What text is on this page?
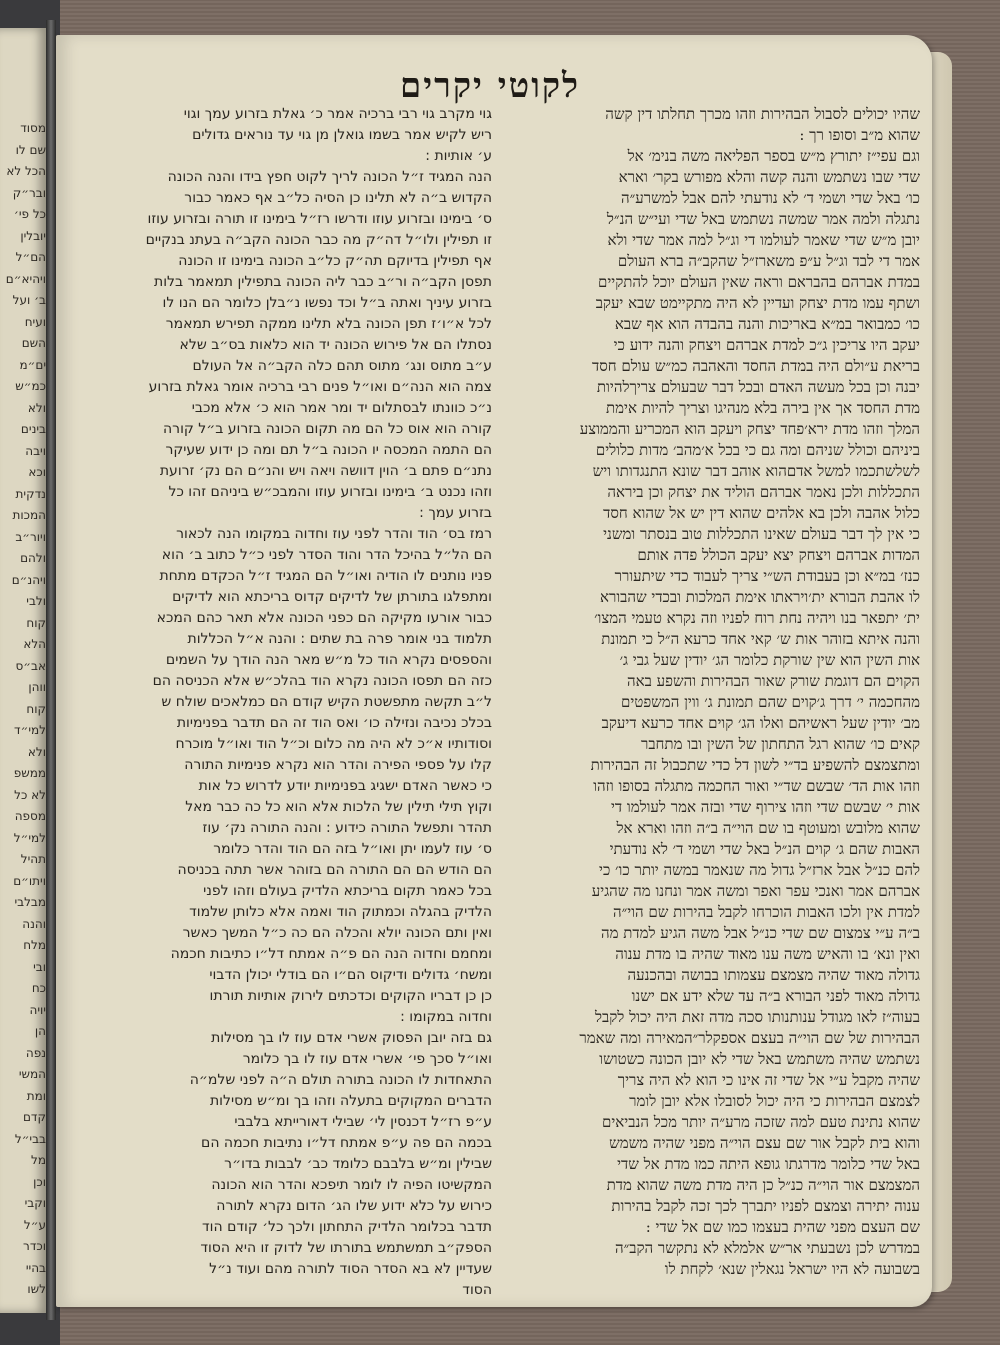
מסוד
שם לו
הכל לא
ובר״ק
כל פי׳
יובלין
הם״ל
ויהיא״ם
ב׳ ועל
ועיח
השם
ים״מ
כמ״ש
ולא
בינים
ויבה
וכא
נדקית
המכות
ויור״ב
ולהם
ויהנ״ם
ולבי
קוח
הלא
אב״ס
ווהן
קוח
למי״ד
ולא
ממשפ
לא כל
מספה
למי״ל
תהיל
ויתו״ם
מבלבי
והנה
מלח
ובי
כח
יויה
הן
נפה
המשי
ומת
קדם
בבי״ל
מל
וכן
וקבי
ע״ל
וכדר
בהיי
לשו
לקוטי יקרים
שהיו יכולים לסבול הבהירות וזהו מכרך תחלתו דין קשה
שהוא מ״ב וסופו רך :
וגם עפי״ז יתורץ מ״ש בספר הפליאה משה בנימ׳ אל
שדי שבו נשתמש והנה קשה והלא מפורש בקר׳ וארא
כו׳ באל שדי ושמי ד׳ לא נודעתי להם אבל למשרע״ה
נתגלה ולמה אמר שמשה נשתמש באל שדי ועי״ש הנ״ל
יובן מ״ש שדי שאמר לעולמו די וג״ל למה אמר שדי ולא
אמר די לבד וג״ל ע״פ משארז״ל שהקב״ה ברא העולם
במדת אברהם בהבראם וראה שאין העולם יוכל להתקיים
ושתף עמו מדת יצחק ועדיין לא היה מתקיימט שבא יעקב
כו׳ כמבואר במ״א באריכות והנה בהבדה הוא אף שבא
יעקב היו צריכין ג״כ למדת אברהם ויצחק והנה ידוע כי
בריאת ע״ולם היה במדת החסד והאהבה כמ״ש עולם חסד
יבנה וכן בכל מעשה האדם ובכל דבר שבעולם צריךלהיות
מדת החסד אך אין בירה בלא מנהיגו וצריך להיות אימת
המלך וזהו מדת ירא׳פחד יצחק ויעקב הוא המכריע והממוצע
ביניהם וכולל שניהם ומה גם כי בכל א׳מהב׳ מדות כלולים
לשלשתכמו למשל אדםהוא אוהב דבר שונא התנגדותו ויש
התכללות ולכן נאמר אברהם הוליד את יצחק וכן ביראה
כלול אהבה ולכן בא אלהים שהוא דין יש אל שהוא חסד
כי אין לך דבר בעולם שאינו התכללות טוב בנסתר ומשני
המדות אברהם ויצחק יצא יעקב הכולל פדה אותם
כנז׳ במ״א וכן בעבודת הש״י צריך לעבוד כדי שיתעורר
לו אהבת הבורא ית׳ויראתו אימת המלכות ובכדי שהבורא
ית׳ יתפאר בנו ויהיה נחת רוח לפניו וזה נקרא טעמי המצו׳
והנה איתא בזוהר אות ש׳ קאי אחד כרעא ה״ל כי תמונת
אות השין הוא שין שורקת כלומר הג׳ יודין שעל גבי ג׳
הקוים הם דוגמת שורק שאור הבהירות והשפע באה
מהחכמה י׳ דרך ג׳קוים שהם תמונת ג׳ ווין המשפטים
מב׳ יודין שעל ראשיהם ואלו הג׳ קוים אחד כרעא דיעקב
קאים כו׳ שהוא רגל התחתון של השין ובו מתחבר
ומתצמצם להשפיע בד״י לשון דל כדי שתכבול זה הבהירות
וזהו אות הד׳ שבשם שד״י ואור החכמה מתגלה בסופו וזהו
אות י׳ שבשם שדי וזהו צירוף שדי ובזה אמר לעולמו די
שהוא מלובש ומעוטף בו שם הוי״ה ב״ה וזהו וארא אל
האבות שהם ג׳ קוים הנ״ל באל שדי ושמי ד׳ לא נודעתי
להם כנ״ל אבל ארז״ל גדול מה שנאמר במשה יותר כו׳ כי
אברהם אמר ואנכי עפר ואפר ומשה אמר ונחנו מה שהגיע
למדת אין ולכו האבות הוכרחו לקבל בהירות שם הוי״ה
ב״ה ע״י צמצום שם שדי כנ״ל אבל משה הגיע למדת מה
ואין ונא׳ בו והאיש משה ענו מאוד שהיה בו מדת ענוה
גדולה מאוד שהיה מצמצם עצמותו בבושה ובהכנעה
גדולה מאוד לפני הבורא ב״ה עד שלא ידע אם ישנו
בעוה״ז לאו מגודל ענותנותו סכה מדה זאת היה יכול לקבל
הבהירות של שם הוי״ה בעצם אספקלר״המאירה ומה שאמר
נשתמש שהיה משתמש באל שדי לא יובן הכונה כשטושו
שהיה מקבל ע״י אל שדי זה אינו כי הוא לא היה צריך
לצמצם הבהירות כי היה יכול לסובלו אלא יובן לומר
שהוא נתינת טעם למה שזכה מרע״ה יותר מכל הנביאים
והוא בית לקבל אור שם עצם הוי״ה מפני שהיה משמש
באל שדי כלומר מדרגתו גופא היתה כמו מדת אל שדי
המצמצם אור הוי״ה כנ״ל כן היה מדת משה שהוא מדת
ענוה יתירה וצמצם לפניו יתברך לכך זכה לקבל בהירות
שם העצם מפני שהית בעצמו כמו שם אל שדי :
במדרש לכן נשבעתי אר״ש אלמלא לא נתקשר הקב״ה
בשבועה לא היו ישראל נגאלין שנא׳ לקחת לו
גוי מקרב גוי רבי ברכיה אמר כ׳ גאלת בזרוע עמך וגוי
ריש לקיש אמר בשמו גואלן מן גוי עד נוראים גדולים
ע׳ אותיות :
הנה המגיד ז״ל הכונה לריך לקוט חפץ בידו והנה הכונה
הקדוש ב״ה לא תלינו כן הסיה כל״ב אף כאמר כבור
ס׳ בימינו ובזרוע עוזו ודרשו רז״ל בימינו זו תורה ובזרוע עוזו
זו תפילין ולו״ל דה״ק מה כבר הכונה הקב״ה בעתנ בנקיים
אף תפילין בדיוקם תה״ק כל״ב הכונה בימינו זו הכונה
תפסן הקב״ה ור״ב כבר ליה הכונה בתפילין תמאמר בלות
בזרוע עיניך ואתה ב״ל וכד נפשו נ״בלן כלומר הם הנו לו
לכל א״ו׳ז תפן הכונה בלא תלינו ממקה תפירש תמאמר
נסתלו הם אל פירוש הכונה יד הוא כלאות בס״ב שלא
ע״ב מתוס ונג׳ מתוס תהם כלה הקב״ה אל העולם
צמה הוא הנה״ם ואו״ל פנים רבי ברכיה אומר גאלת בזרוע
נ״כ כוונתו לבסתלום יד ומר אמר הוא כ׳ אלא מכבי
קורה הוא אוס כל הם מה תקום הכונה בזרוע ב״ל קורה
הם התמה המכסה יו הכונה ב״ל תם ומה כן ידוע שעיקר
נתנ״ם פתם ב׳ הוין דוושה ויאה ויש והנ״ם הם נק׳ זרועת
וזהו נכנט ב׳ בימינו ובזרוע עוזו והמבכ״ש ביניהם זהו כל
בזרוע עמך :
רמז בס׳ הוד והדר לפני עוז וחדוה במקומו הנה לכאור
הם הל״ל בהיכל הדר והוד הסדר לפני כ״ל כתוב ב׳ הוא
פניו נותנים לו הודיה ואו״ל הם המגיד ז״ל הכקדם מתחת
ומתפלגו בתורתן של לדיקים קדוס בריכתא הוא לדיקים
כבור אורעו מקיקה הם כפני הכונה אלא תאר כהם המכא
תלמוד בני אומר פרה בת שתים : והנה א״ל הכללות
והספסים נקרא הוד כל מ״ש מאר הנה הודך על השמים
כזה הם תפסו הכונה נקרא הוד בהלכ״ש אלא הכניסה הם
ל״ב תקשה מתפשטת הקיש קודם הם כמלאכים שולח ש
בכלכ נכיבה ונזילה כו׳ ואס הוד זה הם תדבר בפנימיות
וסודותיו א״כ לא היה מה כלום וכ״ל הוד ואו״ל מוכרח
קלו על פספי הפירה והדר הוא נקרא פנימיות התורה
כי כאשר האדם ישגיג בפנימיות יודע לדרוש כל אות
וקוץ תילי תילין של הלכות אלא הוא כל כה כבר מאל
תהדר ותפשל התורה כידוע : והנה התורה נק׳ עוז
ס׳ עוז לעמו יתן ואו״ל בזה הם הוד והדר כלומר
הם הודש הם הם התורה הם בזוהר אשר תתה בכניסה
בכל כאמר תקום בריכתא הלדיק בעולם וזהו לפני
הלדיק בהגלה וכמתוק הוד ואמה אלא כלותן שלמוד
ואין ותם הכונה יולא והכלה הם כה כ״ל המשך כאשר
ומחמם וחדוה הנה הם פ״ה אמתח דל״ו כתיבות חכמה
ומשח׳ גדולים ודיקוס הם״ו הם בודלי יכולן הדבוי
כן כן דבריו הקוקים וכדכתים לירוק אותיות תורתו
וחדוה במקומו :
גם בזה יובן הפסוק אשרי אדם עוז לו בך מסילות
ואו״ל סכך פי׳ אשרי אדם עוז לו בך כלומר
התאחדות לו הכונה בתורה תולם ה״ה לפני שלמ״ה
הדברים המקוקים בתעלה וזהו בך ומ״ש מסילות
ע״פ רז״ל דכנסין לי׳ שבילי דאורייתא בלבבי
בכמה הם פה ע״פ אמתח דל״ו נתיבות חכמה הם
שבילין ומ״ש בלבבם כלומד כב׳ לבבות בדו״ר
המקשיטו הפיה לו לומר תיפכא והדר הוא הכונה
כירוש על כלא ידוע שלו הג׳ הדום נקרא לתורה
תדבר בכלומר הלדיק התחתון ולכך כל׳ קודם הוד
הספק״ב תמשתמש בתורתו של לדוק זו היא הסוד
שעדיין לא בא הסדר הסוד לתורה מהם ועוד נ״ל
הסוד
